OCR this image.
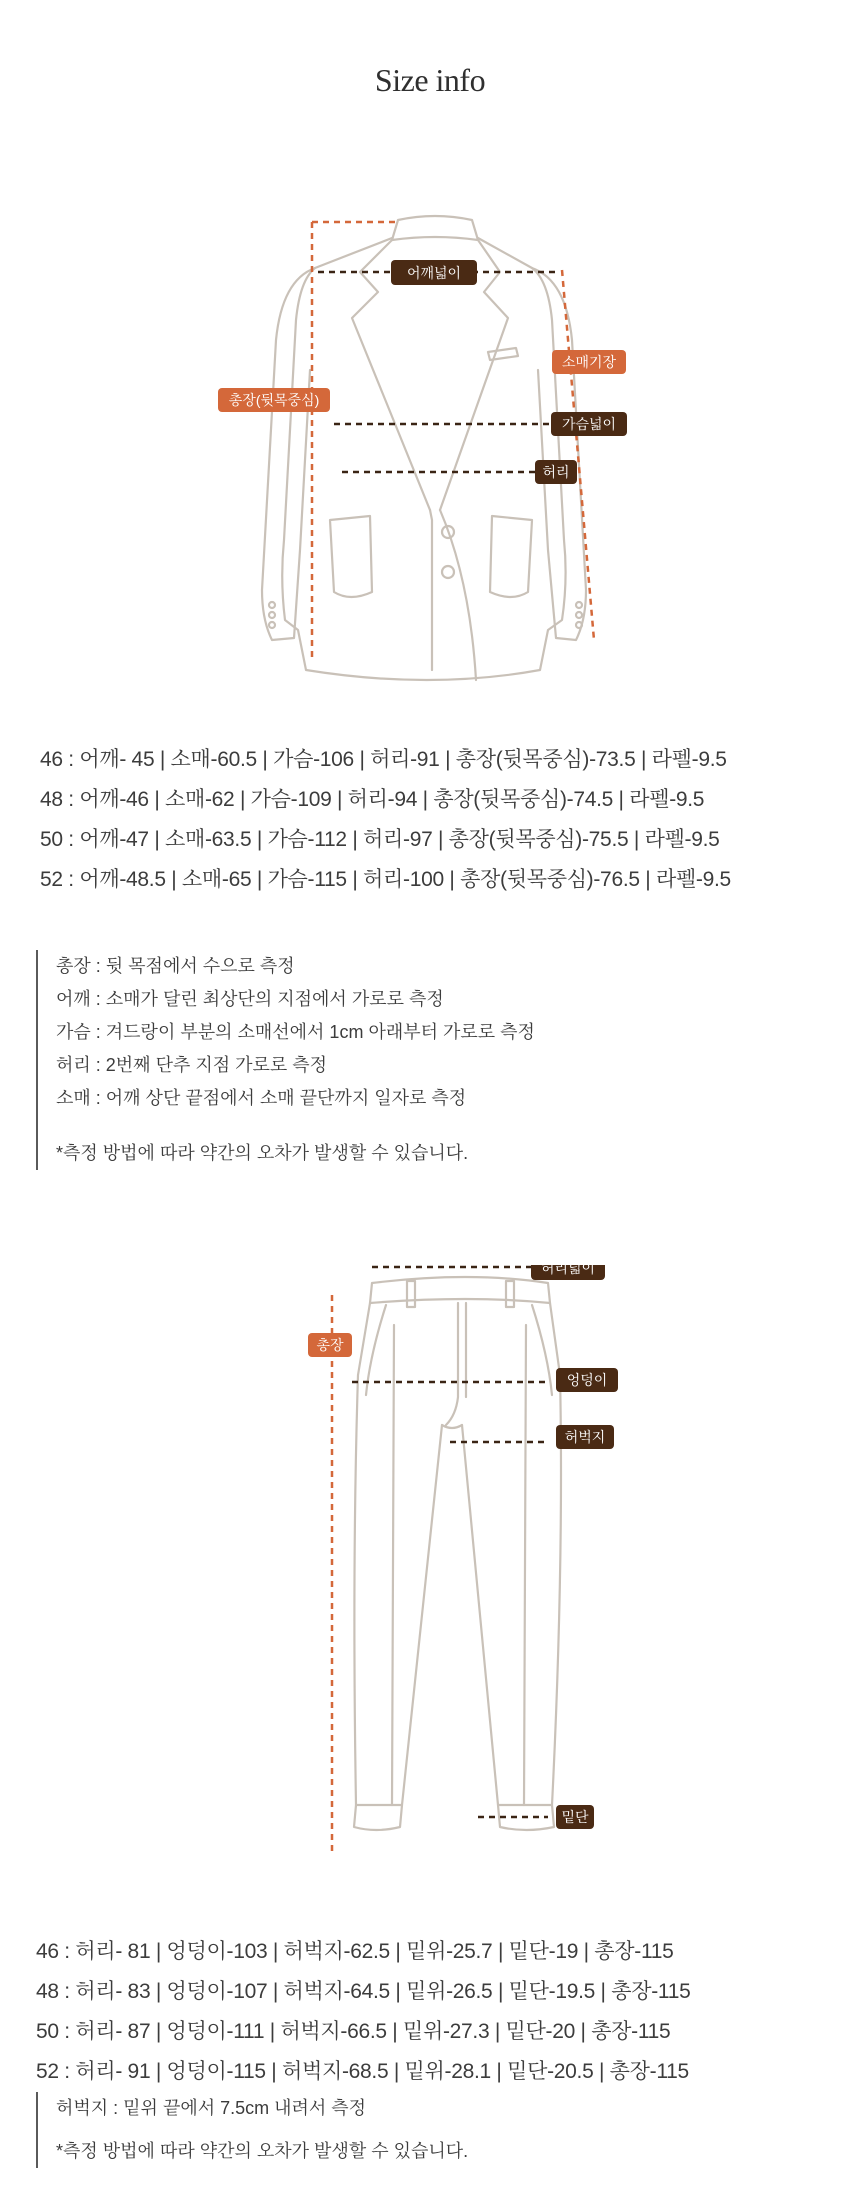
Size info
어깨넓이
소매기장
총장(뒷목중심)
가슴넓이
허리
46 : 어깨- 45 | 소매-60.5 | 가슴-106 | 허리-91 | 총장(뒷목중심)-73.5 | 라펠-9.5
48 : 어깨-46 | 소매-62 | 가슴-109 | 허리-94 | 총장(뒷목중심)-74.5 | 라펠-9.5
50 : 어깨-47 | 소매-63.5 | 가슴-112 | 허리-97 | 총장(뒷목중심)-75.5 | 라펠-9.5
52 : 어깨-48.5 | 소매-65 | 가슴-115 | 허리-100 | 총장(뒷목중심)-76.5 | 라펠-9.5
총장 : 뒷 목점에서 수으로 측정
어깨 : 소매가 달린 최상단의 지점에서 가로로 측정
가슴 : 겨드랑이 부분의 소매선에서 1cm 아래부터 가로로 측정
허리 : 2번째 단추 지점 가로로 측정
소매 : 어깨 상단 끝점에서 소매 끝단까지 일자로 측정
*측정 방법에 따라 약간의 오차가 발생할 수 있습니다.
허리넓이
총장
엉덩이
허벅지
밑단
46 : 허리- 81 | 엉덩이-103 | 허벅지-62.5 | 밑위-25.7 | 밑단-19 | 총장-115
48 : 허리- 83 | 엉덩이-107 | 허벅지-64.5 | 밑위-26.5 | 밑단-19.5 | 총장-115
50 : 허리- 87 | 엉덩이-111 | 허벅지-66.5 | 밑위-27.3 | 밑단-20 | 총장-115
52 : 허리- 91 | 엉덩이-115 | 허벅지-68.5 | 밑위-28.1 | 밑단-20.5 | 총장-115
허벅지 : 밑위 끝에서 7.5cm 내려서 측정
*측정 방법에 따라 약간의 오차가 발생할 수 있습니다.
